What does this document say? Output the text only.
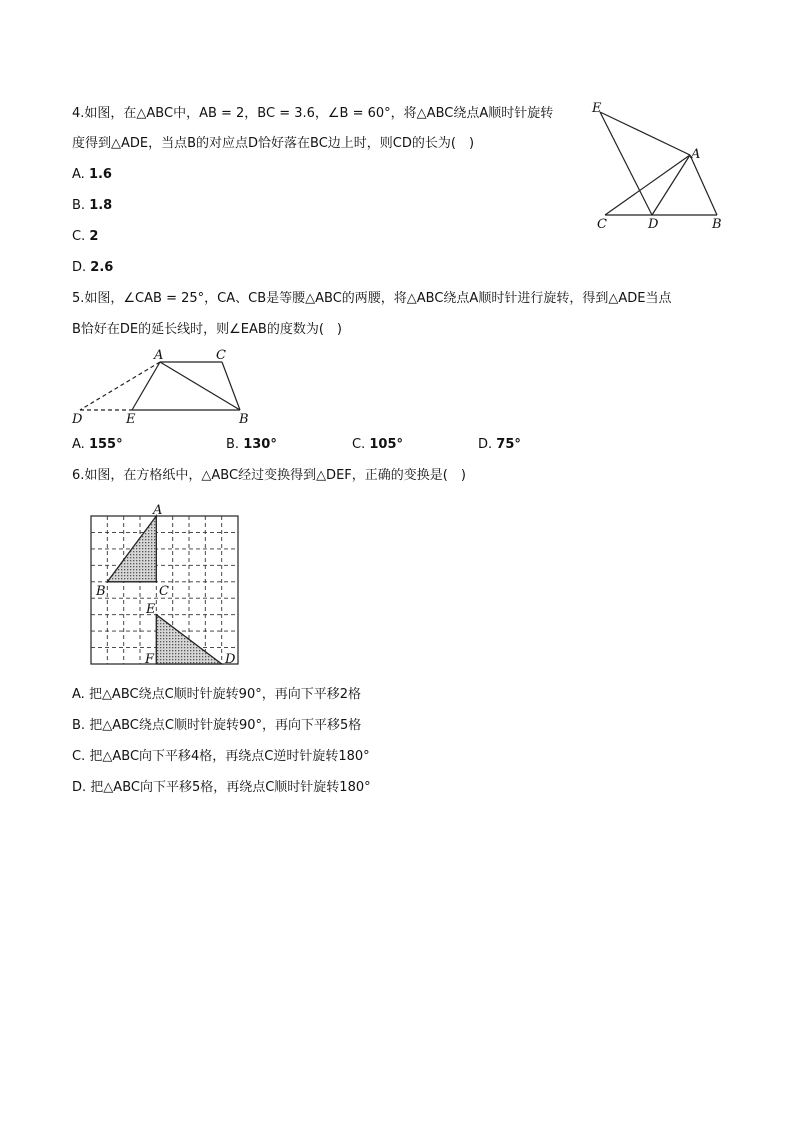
4.如图，在△ABC中，AB = 2，BC = 3.6，∠B = 60°，将△ABC绕点A顺时针旋转
度得到△ADE，当点B的对应点D恰好落在BC边上时，则CD的长为(　)
A. 1.6
B. 1.8
C. 2
D. 2.6
E
A
C	D	B
5.如图，∠CAB = 25°，CA、CB是等腰△ABC的两腰，将△ABC绕点A顺时针进行旋转，得到△ADE当点
B恰好在DE的延长线时，则∠EAB的度数为(　)
A	C
D	E	B
A. 155°	B. 130°	C. 105°	D. 75°
6.如图，在方格纸中，△ABC经过变换得到△DEF，正确的变换是(　)
A
B	C
E
F	D
A. 把△ABC绕点C顺时针旋转90°，再向下平移2格
B. 把△ABC绕点C顺时针旋转90°，再向下平移5格
C. 把△ABC向下平移4格，再绕点C逆时针旋转180°
D. 把△ABC向下平移5格，再绕点C顺时针旋转180°
